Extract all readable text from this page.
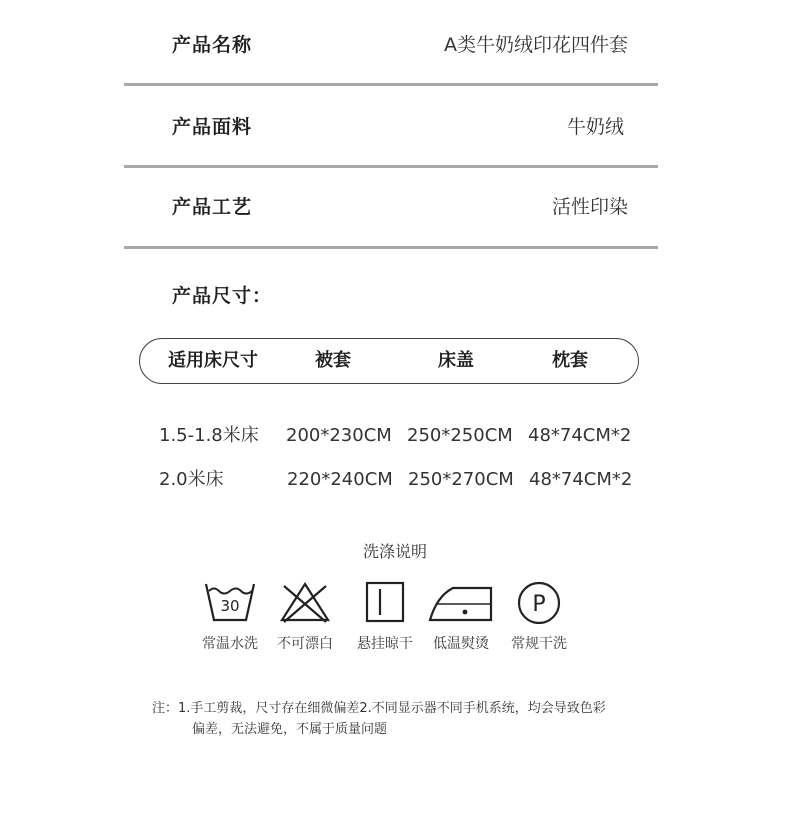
产品名称	A类牛奶绒印花四件套
产品面料	牛奶绒
产品工艺	活性印染
产品尺寸：
适用床尺寸	被套	床盖	枕套
1.5-1.8米床 200*230CM 250*250CM 48*74CM*2
2.0米床	220*240CM 250*270CM 48*74CM*2
洗涤说明
30
常温水洗	不可漂白	悬挂晾干	低温熨烫
P
常规干洗
注：1.手工剪裁，尺寸存在细微偏差2.不同显示器不同手机系统，均会导致色彩
偏差，无法避免，不属于质量问题
